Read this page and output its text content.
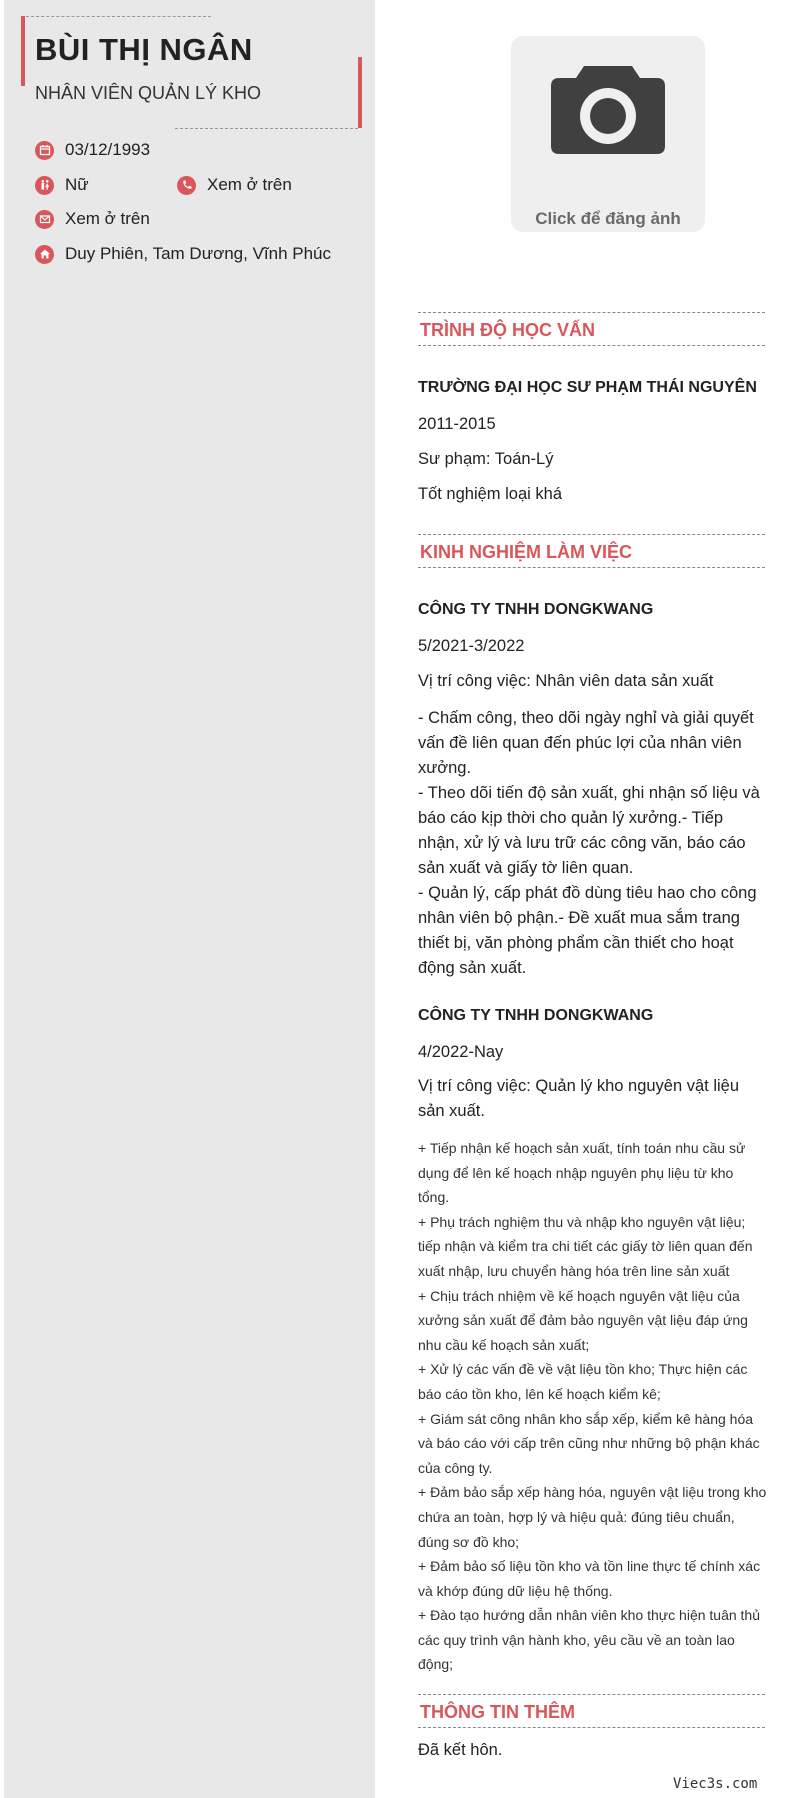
BÙI THỊ NGÂN
NHÂN VIÊN QUẢN LÝ KHO
03/12/1993
Nữ	Xem ở trên
Xem ở trên
Duy Phiên, Tam Dương, Vĩnh Phúc
Click để đăng ảnh
TRÌNH ĐỘ HỌC VẤN
TRƯỜNG ĐẠI HỌC SƯ PHẠM THÁI NGUYÊN
2011-2015
Sư phạm: Toán-Lý
Tốt nghiệm loại khá
KINH NGHIỆM LÀM VIỆC
CÔNG TY TNHH DONGKWANG
5/2021-3/2022
Vị trí công việc: Nhân viên data sản xuất
- Chấm công, theo dõi ngày nghỉ và giải quyết vấn đề liên quan đến phúc lợi của nhân viên xưởng.
- Theo dõi tiến độ sản xuất, ghi nhận số liệu và báo cáo kịp thời cho quản lý xưởng.- Tiếp nhận, xử lý và lưu trữ các công văn, báo cáo sản xuất và giấy tờ liên quan.
- Quản lý, cấp phát đồ dùng tiêu hao cho công nhân viên bộ phận.- Đề xuất mua sắm trang thiết bị, văn phòng phẩm cần thiết cho hoạt động sản xuất.
CÔNG TY TNHH DONGKWANG
4/2022-Nay
Vị trí công việc: Quản lý kho nguyên vật liệu sản xuất.
+ Tiếp nhận kế hoạch sản xuất, tính toán nhu cầu sử dụng để lên kế hoạch nhập nguyên phụ liệu từ kho tổng.
+ Phụ trách nghiệm thu và nhập kho nguyên vật liệu; tiếp nhận và kiểm tra chi tiết các giấy tờ liên quan đến xuất nhập, lưu chuyển hàng hóa trên line sản xuất
+ Chịu trách nhiệm về kế hoạch nguyên vật liệu của xưởng sản xuất để đảm bảo nguyên vật liệu đáp ứng nhu cầu kế hoạch sản xuất;
+ Xử lý các vấn đề về vật liệu tồn kho; Thực hiện các báo cáo tồn kho, lên kế hoạch kiểm kê;
+ Giám sát công nhân kho sắp xếp, kiểm kê hàng hóa và báo cáo với cấp trên cũng như những bộ phận khác của công ty.
+ Đảm bảo sắp xếp hàng hóa, nguyên vật liệu trong kho chứa an toàn, hợp lý và hiệu quả: đúng tiêu chuẩn, đúng sơ đồ kho;
+ Đảm bảo số liệu tồn kho và tồn line thực tế chính xác và khớp đúng dữ liệu hệ thống.
+ Đào tạo hướng dẫn nhân viên kho thực hiện tuân thủ các quy trình vận hành kho, yêu cầu về an toàn lao động;
THÔNG TIN THÊM
Đã kết hôn.
Viec3s.com
